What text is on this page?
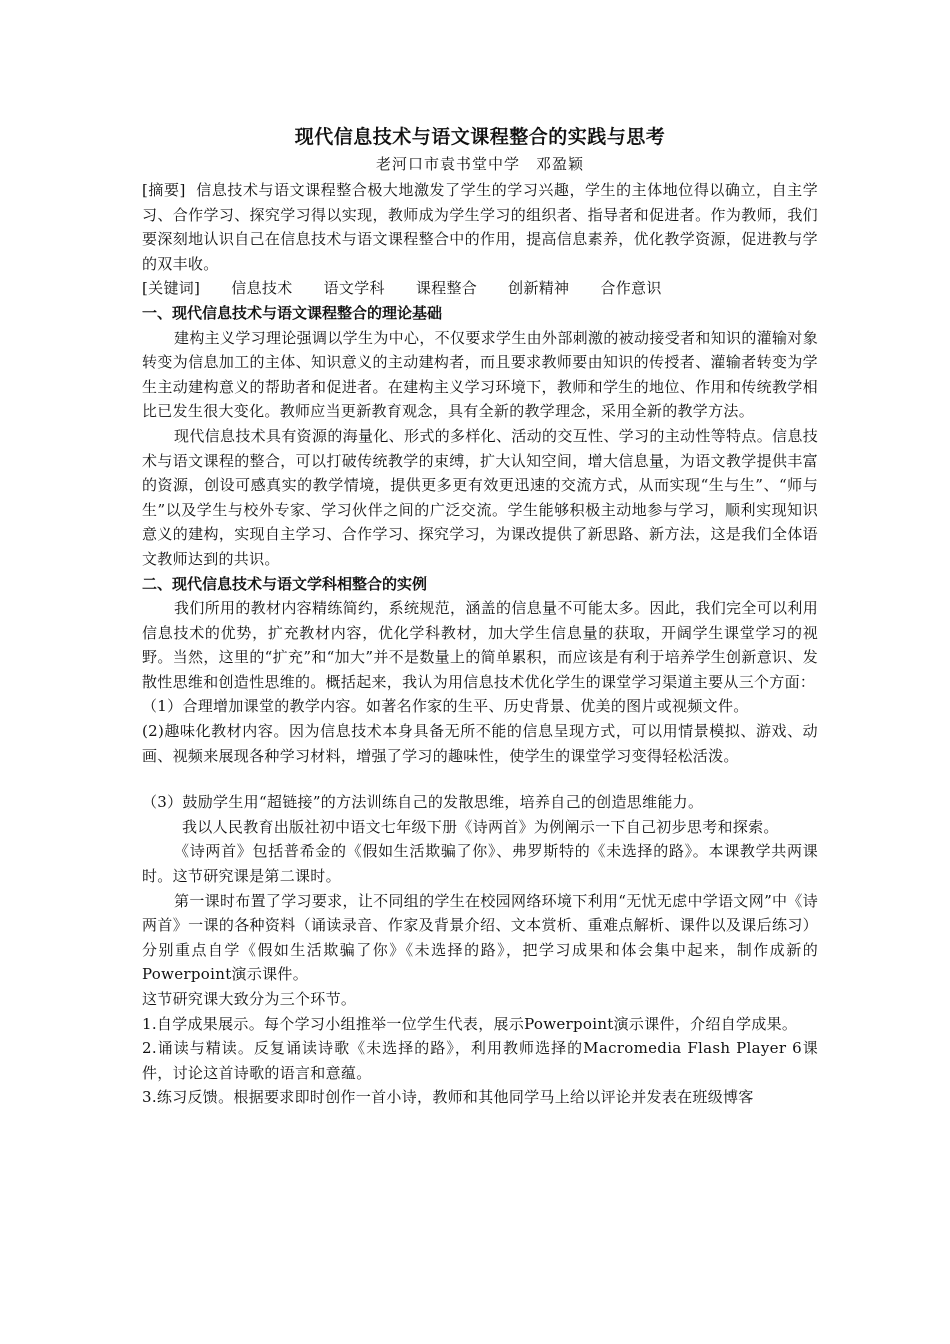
现代信息技术与语文课程整合的实践与思考
老河口市袁书堂中学　邓盈颖

[摘要] 信息技术与语文课程整合极大地激发了学生的学习兴趣，学生的主体地位得以确立，自主学习、合作学习、探究学习得以实现，教师成为学生学习的组织者、指导者和促进者。作为教师，我们要深刻地认识自己在信息技术与语文课程整合中的作用，提高信息素养，优化教学资源，促进教与学的双丰收。

[关键词] 信息技术 语文学科 课程整合 创新精神 合作意识

一、现代信息技术与语文课程整合的理论基础

建构主义学习理论强调以学生为中心，不仅要求学生由外部刺激的被动接受者和知识的灌输对象转变为信息加工的主体、知识意义的主动建构者，而且要求教师要由知识的传授者、灌输者转变为学生主动建构意义的帮助者和促进者。在建构主义学习环境下，教师和学生的地位、作用和传统教学相比已发生很大变化。教师应当更新教育观念，具有全新的教学理念，采用全新的教学方法。

现代信息技术具有资源的海量化、形式的多样化、活动的交互性、学习的主动性等特点。信息技术与语文课程的整合，可以打破传统教学的束缚，扩大认知空间，增大信息量，为语文教学提供丰富的资源，创设可感真实的教学情境，提供更多更有效更迅速的交流方式，从而实现“生与生”、“师与生”以及学生与校外专家、学习伙伴之间的广泛交流。学生能够积极主动地参与学习，顺利实现知识意义的建构，实现自主学习、合作学习、探究学习，为课改提供了新思路、新方法，这是我们全体语文教师达到的共识。

二、现代信息技术与语文学科相整合的实例

我们所用的教材内容精练简约，系统规范，涵盖的信息量不可能太多。因此，我们完全可以利用信息技术的优势，扩充教材内容，优化学科教材，加大学生信息量的获取，开阔学生课堂学习的视野。当然，这里的“扩充”和“加大”并不是数量上的简单累积，而应该是有利于培养学生创新意识、发散性思维和创造性思维的。概括起来，我认为用信息技术优化学生的课堂学习渠道主要从三个方面：

（1）合理增加课堂的教学内容。如著名作家的生平、历史背景、优美的图片或视频文件。

(2)趣味化教材内容。因为信息技术本身具备无所不能的信息呈现方式，可以用情景模拟、游戏、动画、视频来展现各种学习材料，增强了学习的趣味性，使学生的课堂学习变得轻松活泼。

（3）鼓励学生用“超链接”的方法训练自己的发散思维，培养自己的创造思维能力。

我以人民教育出版社初中语文七年级下册《诗两首》为例阐示一下自己初步思考和探索。

《诗两首》包括普希金的《假如生活欺骗了你》、弗罗斯特的《未选择的路》。本课教学共两课时。这节研究课是第二课时。

第一课时布置了学习要求，让不同组的学生在校园网络环境下利用“无忧无虑中学语文网”中《诗两首》一课的各种资料（诵读录音、作家及背景介绍、文本赏析、重难点解析、课件以及课后练习）分别重点自学《假如生活欺骗了你》《未选择的路》，把学习成果和体会集中起来，制作成新的Powerpoint演示课件。

这节研究课大致分为三个环节。

1.自学成果展示。每个学习小组推举一位学生代表，展示Powerpoint演示课件，介绍自学成果。

2.诵读与精读。反复诵读诗歌《未选择的路》，利用教师选择的Macromedia Flash Player 6课件，讨论这首诗歌的语言和意蕴。

3.练习反馈。根据要求即时创作一首小诗，教师和其他同学马上给以评论并发表在班级博客
